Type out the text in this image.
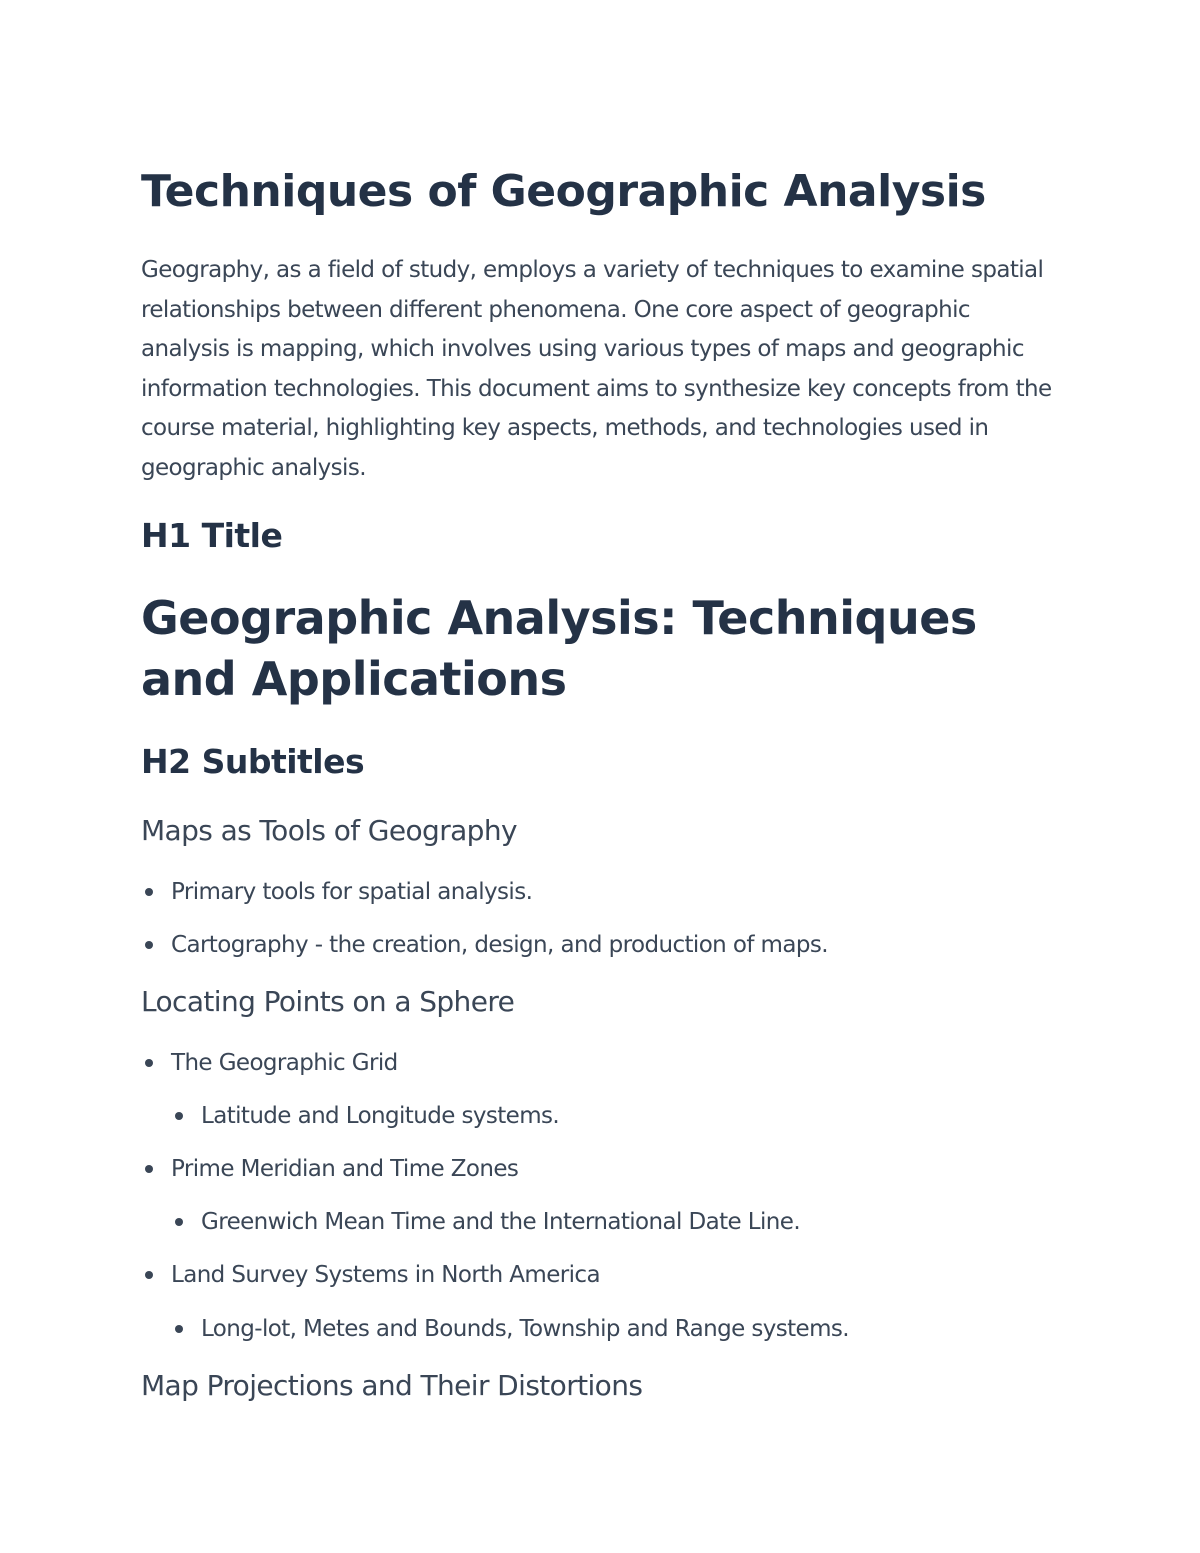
Techniques of Geographic Analysis

Geography, as a field of study, employs a variety of techniques to examine spatial relationships between different phenomena. One core aspect of geographic analysis is mapping, which involves using various types of maps and geographic information technologies. This document aims to synthesize key concepts from the course material, highlighting key aspects, methods, and technologies used in geographic analysis.

H1 Title
Geographic Analysis: Techniques and Applications
H2 Subtitles
Maps as Tools of Geography

Primary tools for spatial analysis.

Cartography - the creation, design, and production of maps.

Locating Points on a Sphere

The Geographic Grid

Latitude and Longitude systems.

Prime Meridian and Time Zones

Greenwich Mean Time and the International Date Line.

Land Survey Systems in North America

Long-lot, Metes and Bounds, Township and Range systems.

Map Projections and Their Distortions
